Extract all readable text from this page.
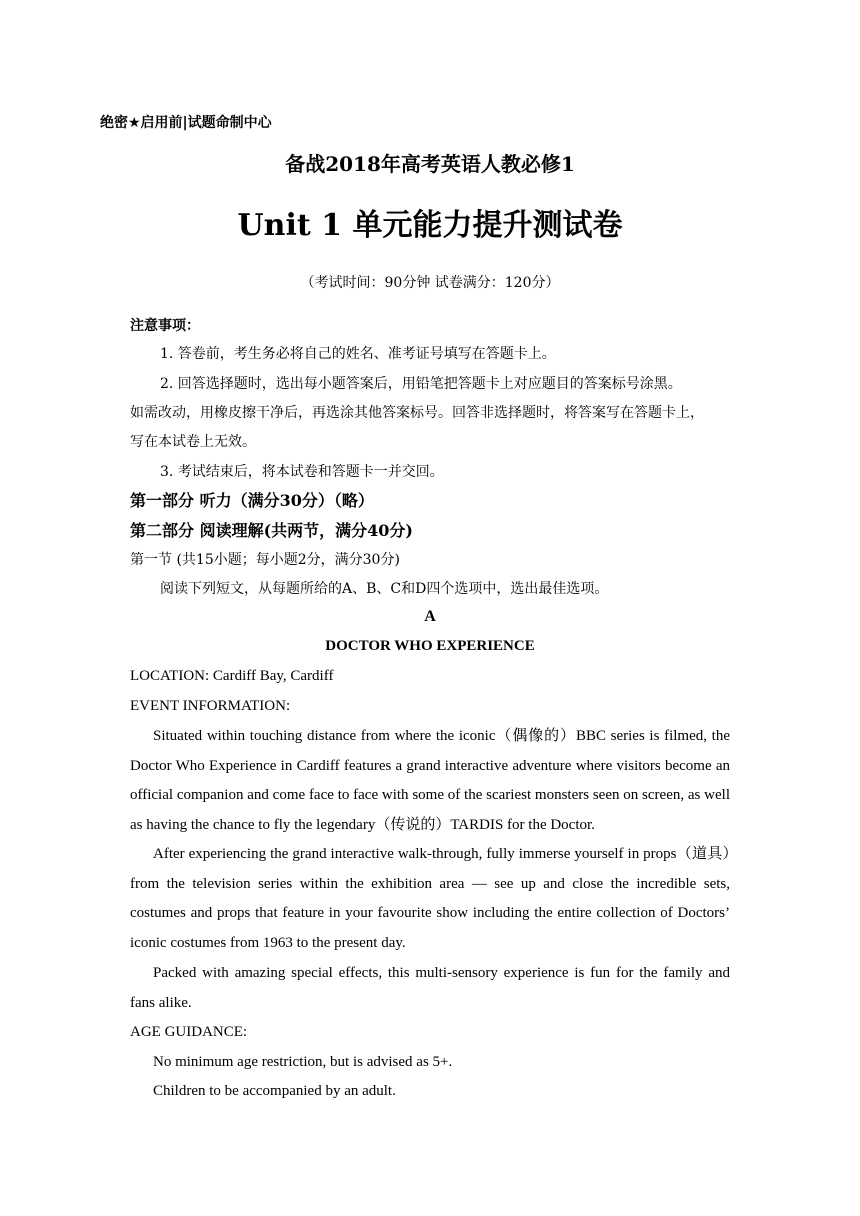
绝密★启用前|试题命制中心
备战2018年高考英语人教必修1
Unit 1 单元能力提升测试卷
（考试时间：90分钟 试卷满分：120分）
注意事项：
1. 答卷前，考生务必将自己的姓名、准考证号填写在答题卡上。
2. 回答选择题时，选出每小题答案后，用铅笔把答题卡上对应题目的答案标号涂黑。
如需改动，用橡皮擦干净后，再选涂其他答案标号。回答非选择题时，将答案写在答题卡上，
写在本试卷上无效。
3. 考试结束后，将本试卷和答题卡一并交回。
第一部分 听力（满分30分）（略）
第二部分 阅读理解(共两节，满分40分)
第一节 (共15小题；每小题2分，满分30分)
阅读下列短文，从每题所给的A、B、C和D四个选项中，选出最佳选项。
A
DOCTOR WHO EXPERIENCE
LOCATION: Cardiff Bay, Cardiff
EVENT INFORMATION:
Situated within touching distance from where the iconic（偶像的）BBC series is filmed, the Doctor Who Experience in Cardiff features a grand interactive adventure where visitors become an official companion and come face to face with some of the scariest monsters seen on screen, as well as having the chance to fly the legendary（传说的）TARDIS for the Doctor.
After experiencing the grand interactive walk-through, fully immerse yourself in props（道具）from the television series within the exhibition area — see up and close the incredible sets, costumes and props that feature in your favourite show including the entire collection of Doctors’ iconic costumes from 1963 to the present day.
Packed with amazing special effects, this multi-sensory experience is fun for the family and fans alike.
AGE GUIDANCE:
No minimum age restriction, but is advised as 5+.
Children to be accompanied by an adult.
